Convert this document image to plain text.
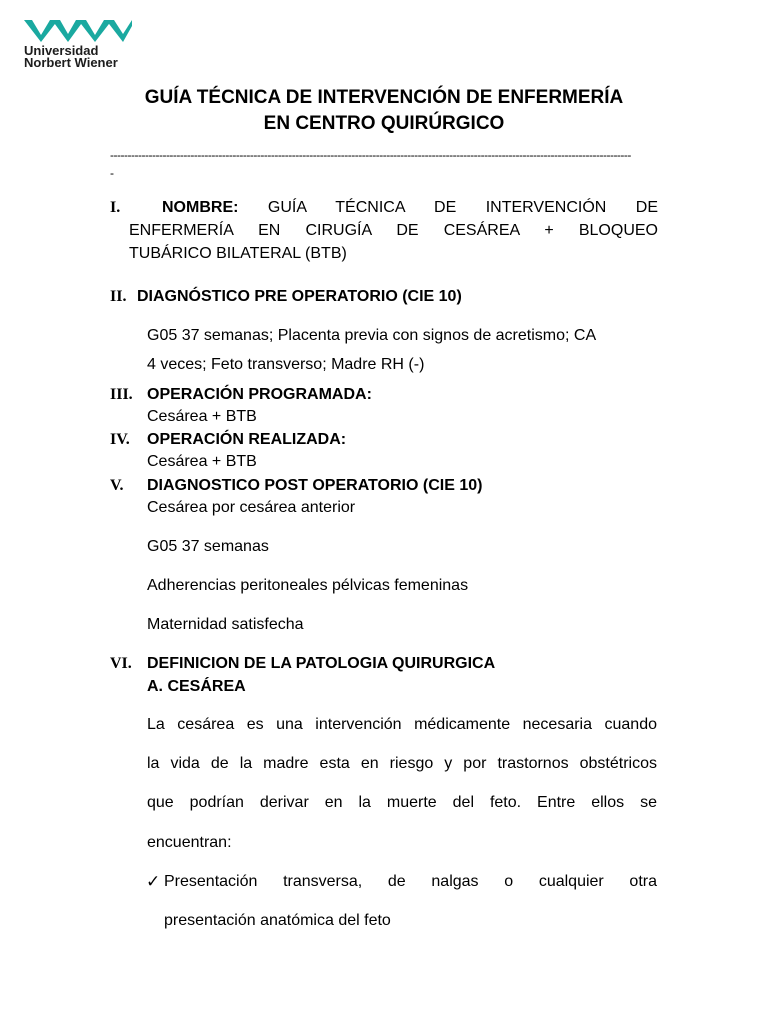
Universidad
Norbert Wiener
GUÍA TÉCNICA DE INTERVENCIÓN DE ENFERMERÍA
EN CENTRO QUIRÚRGICO
-----------------------------------------------------------------------------------------------------------------------------------------------------
-
I.	NOMBRE: GUÍA TÉCNICA DE INTERVENCIÓN DE
ENFERMERÍA EN CIRUGÍA DE CESÁREA + BLOQUEO
TUBÁRICO BILATERAL (BTB)
II. DIAGNÓSTICO PRE OPERATORIO (CIE 10)
G05 37 semanas; Placenta previa con signos de acretismo; CA
4 veces; Feto transverso; Madre RH (-)
III. OPERACIÓN PROGRAMADA:
Cesárea + BTB
IV. OPERACIÓN REALIZADA:
Cesárea + BTB
V. DIAGNOSTICO POST OPERATORIO (CIE 10)
Cesárea por cesárea anterior
G05 37 semanas
Adherencias peritoneales pélvicas femeninas
Maternidad satisfecha
VI. DEFINICION DE LA PATOLOGIA QUIRURGICA
A. CESÁREA
La cesárea es una intervención médicamente necesaria cuando
la vida de la madre esta en riesgo y por trastornos obstétricos
que podrían derivar en la muerte del feto. Entre ellos se
encuentran:
✓ Presentación transversa, de nalgas o cualquier otra
presentación anatómica del feto
